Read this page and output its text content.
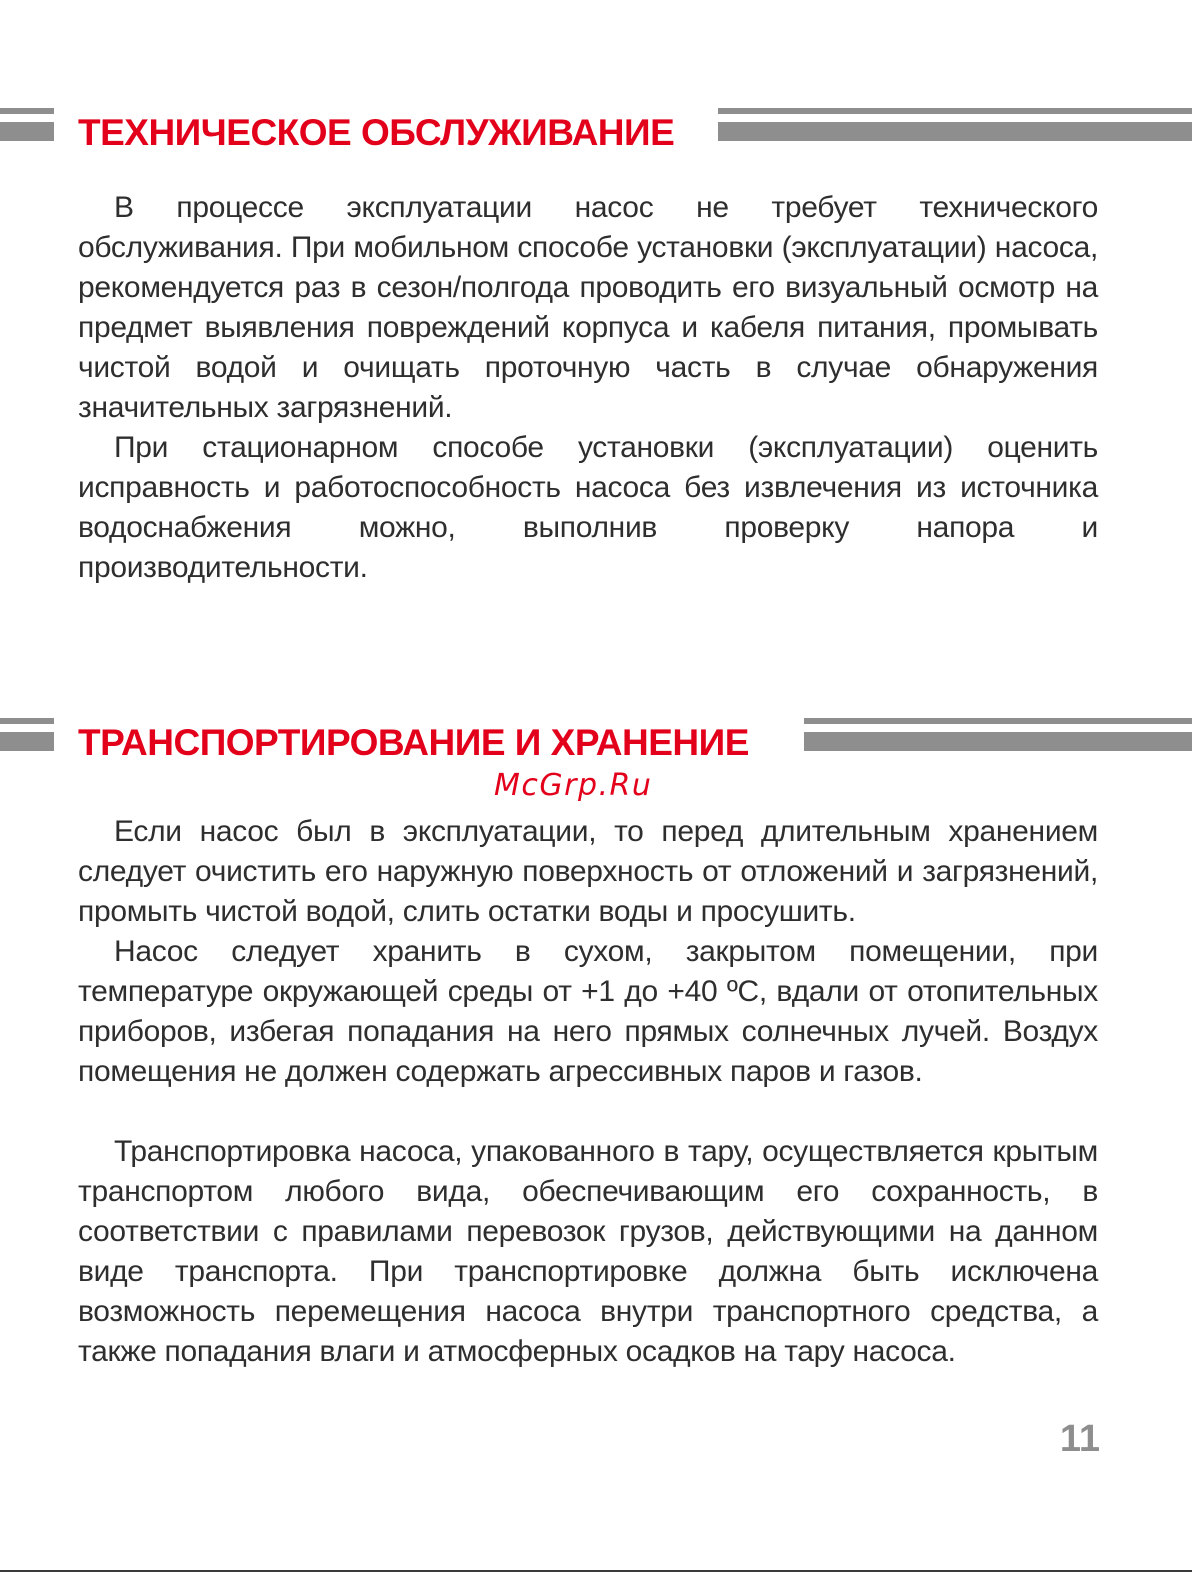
ТЕХНИЧЕСКОЕ ОБСЛУЖИВАНИЕ

В процессе эксплуатации насос не требует технического обслуживания. При мобильном способе установки (эксплуатации) насоса, рекомендуется раз в сезон/полгода проводить его визуальный осмотр на предмет выявления повреждений корпуса и кабеля питания, промывать чистой водой и очищать проточную часть в случае обнаружения значительных загрязнений.

При стационарном способе установки (эксплуатации) оценить исправность и работоспособность насоса без извлечения из источника водоснабжения можно, выполнив проверку напора и производительности.

ТРАНСПОРТИРОВАНИЕ И ХРАНЕНИЕ
McGrp.Ru

Если насос был в эксплуатации, то перед длительным хранением следует очистить его наружную поверхность от отложений и загрязнений, промыть чистой водой, слить остатки воды и просушить.

Насос следует хранить в сухом, закрытом помещении, при температуре окружающей среды от +1 до +40 ºC, вдали от отопительных приборов, избегая попадания на него прямых солнечных лучей. Воздух помещения не должен содержать агрессивных паров и газов.

Транспортировка насоса, упакованного в тару, осуществляется крытым транспортом любого вида, обеспечивающим его сохранность, в соответствии с правилами перевозок грузов, действующими на данном виде транспорта. При транспортировке должна быть исключена возможность перемещения насоса внутри транспортного средства, а также попадания влаги и атмосферных осадков на тару насоса.

11
